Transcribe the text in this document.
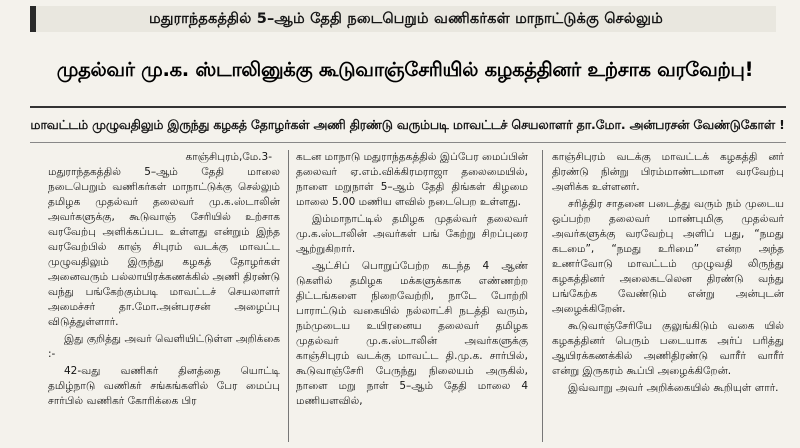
மதுராந்தகத்தில் 5–ஆம் தேதி நடைபெறும் வணிகர்கள் மாநாட்டுக்கு செல்லும்
முதல்வர் மு.க. ஸ்டாலினுக்கு கூடுவாஞ்சேரியில் கழகத்தினர் உற்சாக வரவேற்பு!
மாவட்டம் முழுவதிலும் இருந்து கழகத் தோழர்கள் அணி திரண்டு வரும்படி மாவட்டச் செயலாளர் தா.மோ. அன்பரசன் வேண்டுகோள் !
காஞ்சிபுரம்,மே.3-

மதுராந்தகத்தில் 5–ஆம் தேதி மாலை நடைபெறும் வணிகர்கள் மாநாட்டுக்கு செல்லும் தமிழக முதல்வர் தலைவர் மு.க.ஸ்டாலின் அவர்களுக்கு, கூடுவாஞ் சேரியில் உற்சாக வரவேற்பு அளிக்கப்பட உள்ளது என்றும் இந்த வரவேற்பில் காஞ் சிபுரம் வடக்கு மாவட்ட முழுவதிலும் இருந்து கழகத் தோழர்கள் அனைவரும் பல்லாயிரக்கணக்கில் அணி திரண்டு வந்து பங்கேற்கும்படி மாவட்டச் செயலாளர் அமைச்சர் தா.மோ.அன்பரசன் அழைப்பு விடுத்துள்ளார்.

இது குறித்து அவர் வெளியிட்டுள்ள அறிக்கை :-

42-வது வணிகர் தினத்தை யொட்டி தமிழ்நாடு வணிகர் சங்கங்களில் பேர மைப்பு சார்பில் வணிகர் கோரிக்கை பிர

கடன மாநாடு மதுராந்தகத்தில் இப்பேர மைப்பின் தலைவர் ஏ.எம்.விக்கிரமராஜா தலைமையில், நாளை மறுநாள் 5–ஆம் தேதி திங்கள் கிழமை மாலை 5.00 மணிய ளவில் நடைபெற உள்ளது.

இம்மாநாட்டில் தமிழக முதல்வர் தலைவர் மு.க.ஸ்டாலின் அவர்கள் பங் கேற்று சிறப்புரை ஆற்றுகிறார்.

ஆட்சிப் பொறுப்பேற்ற கடந்த 4 ஆண் டுகளில் தமிழக மக்களுக்காக எண்ணற்ற திட்டங்களை நிறைவேற்றி, நாடே போற்றி பாராட்டும் வகையில் நல்லாட்சி நடத்தி வரும், நம்முடைய உயிரனைய தலைவர் தமிழக முதல்வர் மு.க.ஸ்டாலின் அவர்களுக்கு காஞ்சிபுரம் வடக்கு மாவட்ட தி.மு.க. சார்பில், கூடுவாஞ்சேரி பேருந்து நிலையம் அருகில், நாளை மறு நாள் 5–ஆம் தேதி மாலை 4 மணியளவில்,

காஞ்சிபுரம் வடக்கு மாவட்டக் கழகத்தி னர் திரண்டு நின்று பிரம்மாண்டமான வரவேற்பு அளிக்க உள்ளனர்.

சரித்திர சாதனை படைத்து வரும் நம் முடைய ஒப்பற்ற தலைவர் மாண்புமிகு முதல்வர் அவர்களுக்கு வரவேற்பு அளிப் பது, “நமது கடமை”, “நமது உரிமை” என்ற அந்த உணர்வோடு மாவட்டம் முழுவதி லிருந்து கழகத்தினர் அலைகடலென திரண்டு வந்து பங்கேற்க வேண்டும் என்று அன்புடன் அழைக்கிறேன்.

கூடுவாஞ்சேரியே குலுங்கிடும் வகை யில் கழகத்தினர் பெரும் படையாக அர்ப் பரித்து ஆயிரக்கணக்கில் அணிதிரண்டு வாரீர் வாரீர் என்று இருகரம் கூப்பி அழைக்கிறேன்.

இவ்வாறு அவர் அறிக்கையில் கூறியுள் ளார்.
